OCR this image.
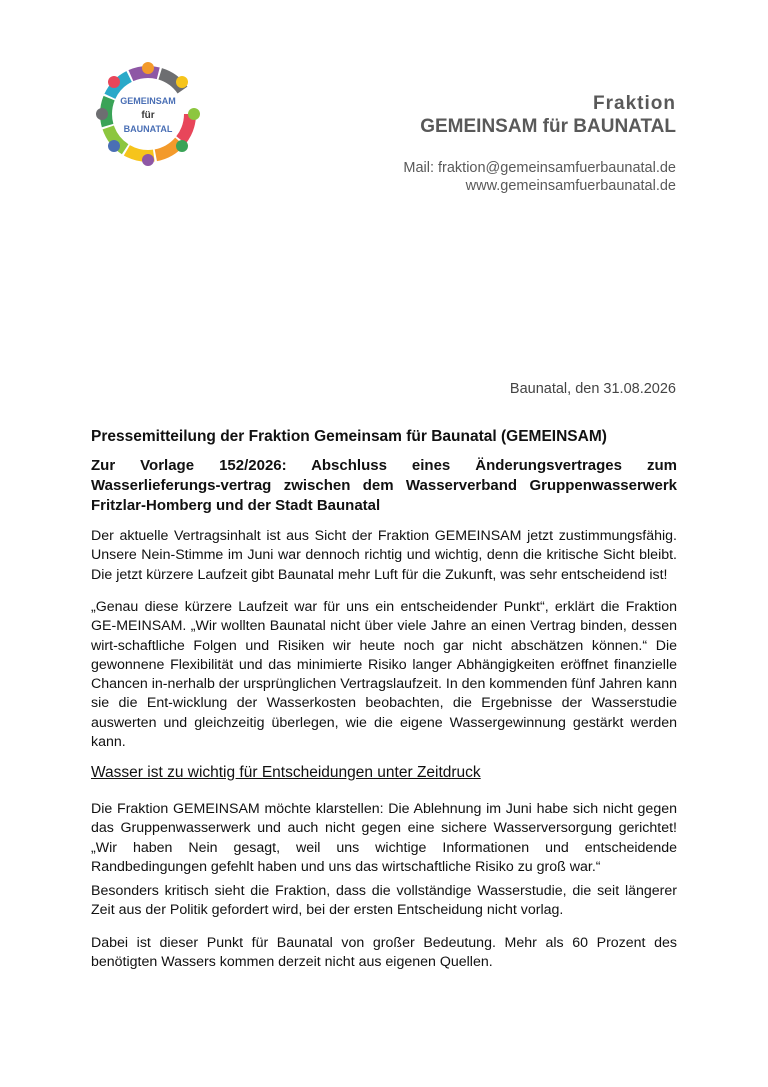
GEMEINSAM
für
BAUNATAL
Fraktion
GEMEINSAM für BAUNATAL
Mail: fraktion@gemeinsamfuerbaunatal.de
www.gemeinsamfuerbaunatal.de
Baunatal, den 31.08.2026
Pressemitteilung der Fraktion Gemeinsam für Baunatal (GEMEINSAM)
Zur Vorlage 152/2026: Abschluss eines Änderungsvertrages zum Wasserlieferungs-vertrag zwischen dem Wasserverband Gruppenwasserwerk Fritzlar-Homberg und der Stadt Baunatal
Der aktuelle Vertragsinhalt ist aus Sicht der Fraktion GEMEINSAM jetzt zustimmungsfähig. Unsere Nein-Stimme im Juni war dennoch richtig und wichtig, denn die kritische Sicht bleibt. Die jetzt kürzere Laufzeit gibt Baunatal mehr Luft für die Zukunft, was sehr entscheidend ist!
„Genau diese kürzere Laufzeit war für uns ein entscheidender Punkt“, erklärt die Fraktion GE-MEINSAM. „Wir wollten Baunatal nicht über viele Jahre an einen Vertrag binden, dessen wirt-schaftliche Folgen und Risiken wir heute noch gar nicht abschätzen können.“ Die gewonnene Flexibilität und das minimierte Risiko langer Abhängigkeiten eröffnet finanzielle Chancen in-nerhalb der ursprünglichen Vertragslaufzeit. In den kommenden fünf Jahren kann sie die Ent-wicklung der Wasserkosten beobachten, die Ergebnisse der Wasserstudie auswerten und gleichzeitig überlegen, wie die eigene Wassergewinnung gestärkt werden kann.
Wasser ist zu wichtig für Entscheidungen unter Zeitdruck
Die Fraktion GEMEINSAM möchte klarstellen: Die Ablehnung im Juni habe sich nicht gegen das Gruppenwasserwerk und auch nicht gegen eine sichere Wasserversorgung gerichtet! „Wir haben Nein gesagt, weil uns wichtige Informationen und entscheidende Randbedingungen gefehlt haben und uns das wirtschaftliche Risiko zu groß war.“
Besonders kritisch sieht die Fraktion, dass die vollständige Wasserstudie, die seit längerer Zeit aus der Politik gefordert wird, bei der ersten Entscheidung nicht vorlag.
Dabei ist dieser Punkt für Baunatal von großer Bedeutung. Mehr als 60 Prozent des benötigten Wassers kommen derzeit nicht aus eigenen Quellen.
